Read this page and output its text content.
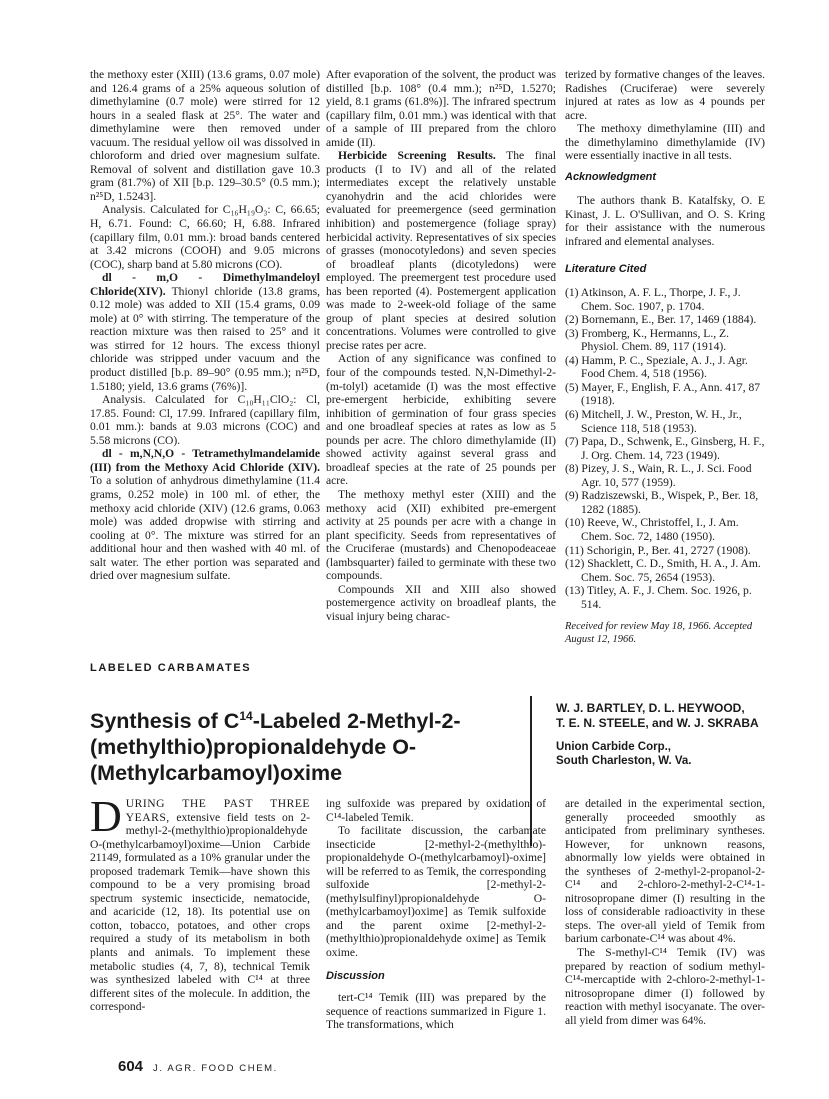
the methoxy ester (XIII) (13.6 grams, 0.07 mole) and 126.4 grams of a 25% aqueous solution of dimethylamine (0.7 mole) were stirred for 12 hours in a sealed flask at 25°. The water and dimethylamine were then removed under vacuum. The residual yellow oil was dissolved in chloroform and dried over magnesium sulfate. Removal of solvent and distillation gave 10.3 gram (81.7%) of XII [b.p. 129–30.5° (0.5 mm.); n²⁵D, 1.5243].

Analysis. Calculated for C₁₆H₁₉O₃: C, 66.65; H, 6.71. Found: C, 66.60; H, 6.88. Infrared (capillary film, 0.01 mm.): broad bands centered at 3.42 microns (COOH) and 9.05 microns (COC), sharp band at 5.80 microns (CO).

dl - m,O - Dimethylmandeloyl Chloride(XIV). Thionyl chloride (13.8 grams, 0.12 mole) was added to XII (15.4 grams, 0.09 mole) at 0° with stirring. The temperature of the reaction mixture was then raised to 25° and it was stirred for 12 hours. The excess thionyl chloride was stripped under vacuum and the product distilled [b.p. 89–90° (0.95 mm.); n²⁵D, 1.5180; yield, 13.6 grams (76%)].

Analysis. Calculated for C₁₀H₁₁ClO₂: Cl, 17.85. Found: Cl, 17.99. Infrared (capillary film, 0.01 mm.): bands at 9.03 microns (COC) and 5.58 microns (CO).

dl - m,N,N,O - Tetramethylmandelamide (III) from the Methoxy Acid Chloride (XIV). To a solution of anhydrous dimethylamine (11.4 grams, 0.252 mole) in 100 ml. of ether, the methoxy acid chloride (XIV) (12.6 grams, 0.063 mole) was added dropwise with stirring and cooling at 0°. The mixture was stirred for an additional hour and then washed with 40 ml. of salt water. The ether portion was separated and dried over magnesium sulfate.

After evaporation of the solvent, the product was distilled [b.p. 108° (0.4 mm.); n²⁵D, 1.5270; yield, 8.1 grams (61.8%)]. The infrared spectrum (capillary film, 0.01 mm.) was identical with that of a sample of III prepared from the chloro amide (II).

Herbicide Screening Results. The final products (I to IV) and all of the related intermediates except the relatively unstable cyanohydrin and the acid chlorides were evaluated for preemergence (seed germination inhibition) and postemergence (foliage spray) herbicidal activity. Representatives of six species of grasses (monocotyledons) and seven species of broadleaf plants (dicotyledons) were employed. The preemergent test procedure used has been reported (4). Postemergent application was made to 2-week-old foliage of the same group of plant species at desired solution concentrations. Volumes were controlled to give precise rates per acre.

Action of any significance was confined to four of the compounds tested. N,N-Dimethyl-2-(m-tolyl) acetamide (I) was the most effective pre-emergent herbicide, exhibiting severe inhibition of germination of four grass species and one broadleaf species at rates as low as 5 pounds per acre. The chloro dimethylamide (II) showed activity against several grass and broadleaf species at the rate of 25 pounds per acre.

The methoxy methyl ester (XIII) and the methoxy acid (XII) exhibited pre-emergent activity at 25 pounds per acre with a change in plant specificity. Seeds from representatives of the Cruciferae (mustards) and Chenopodeaceae (lambsquarter) failed to germinate with these two compounds.

Compounds XII and XIII also showed postemergence activity on broadleaf plants, the visual injury being charac-

terized by formative changes of the leaves. Radishes (Cruciferae) were severely injured at rates as low as 4 pounds per acre.

The methoxy dimethylamine (III) and the dimethylamino dimethylamide (IV) were essentially inactive in all tests.

Acknowledgment

The authors thank B. Katalfsky, O. E Kinast, J. L. O'Sullivan, and O. S. Kring for their assistance with the numerous infrared and elemental analyses.

Literature Cited

(1) Atkinson, A. F. L., Thorpe, J. F., J. Chem. Soc. 1907, p. 1704.

(2) Bornemann, E., Ber. 17, 1469 (1884).

(3) Fromberg, K., Hermanns, L., Z. Physiol. Chem. 89, 117 (1914).

(4) Hamm, P. C., Speziale, A. J., J. Agr. Food Chem. 4, 518 (1956).

(5) Mayer, F., English, F. A., Ann. 417, 87 (1918).

(6) Mitchell, J. W., Preston, W. H., Jr., Science 118, 518 (1953).

(7) Papa, D., Schwenk, E., Ginsberg, H. F., J. Org. Chem. 14, 723 (1949).

(8) Pizey, J. S., Wain, R. L., J. Sci. Food Agr. 10, 577 (1959).

(9) Radziszewski, B., Wispek, P., Ber. 18, 1282 (1885).

(10) Reeve, W., Christoffel, I., J. Am. Chem. Soc. 72, 1480 (1950).

(11) Schorigin, P., Ber. 41, 2727 (1908).

(12) Shacklett, C. D., Smith, H. A., J. Am. Chem. Soc. 75, 2654 (1953).

(13) Titley, A. F., J. Chem. Soc. 1926, p. 514.

Received for review May 18, 1966. Accepted August 12, 1966.

LABELED CARBAMATES
Synthesis of $C^{14}$-Labeled 2-Methyl-2-(methylthio)propionaldehyde O-(Methylcarbamoyl)oxime
W. J. BARTLEY, D. L. HEYWOOD,
T. E. N. STEELE, and W. J. SKRABA
Union Carbide Corp.,
South Charleston, W. Va.

DURING THE PAST THREE YEARS, extensive field tests on 2-methyl-2-(methylthio)propionaldehyde O-(methylcarbamoyl)oxime—Union Carbide 21149, formulated as a 10% granular under the proposed trademark Temik—have shown this compound to be a very promising broad spectrum systemic insecticide, nematocide, and acaricide (12, 18). Its potential use on cotton, tobacco, potatoes, and other crops required a study of its metabolism in both plants and animals. To implement these metabolic studies (4, 7, 8), technical Temik was synthesized labeled with C¹⁴ at three different sites of the molecule. In addition, the correspond-

ing sulfoxide was prepared by oxidation of C¹⁴-labeled Temik.

To facilitate discussion, the carbamate insecticide [2-methyl-2-(methylthio)-propionaldehyde O-(methylcarbamoyl)-oxime] will be referred to as Temik, the corresponding sulfoxide [2-methyl-2-(methylsulfinyl)propionaldehyde O-(methylcarbamoyl)oxime] as Temik sulfoxide and the parent oxime [2-methyl-2-(methylthio)propionaldehyde oxime] as Temik oxime.

Discussion

tert-C¹⁴ Temik (III) was prepared by the sequence of reactions summarized in Figure 1. The transformations, which

are detailed in the experimental section, generally proceeded smoothly as anticipated from preliminary syntheses. However, for unknown reasons, abnormally low yields were obtained in the syntheses of 2-methyl-2-propanol-2-C¹⁴ and 2-chloro-2-methyl-2-C¹⁴-1-nitrosopropane dimer (I) resulting in the loss of considerable radioactivity in these steps. The over-all yield of Temik from barium carbonate-C¹⁴ was about 4%.

The S-methyl-C¹⁴ Temik (IV) was prepared by reaction of sodium methyl-C¹⁴-mercaptide with 2-chloro-2-methyl-1-nitrosopropane dimer (I) followed by reaction with methyl isocyanate. The over-all yield from dimer was 64%.

604 J. AGR. FOOD CHEM.
